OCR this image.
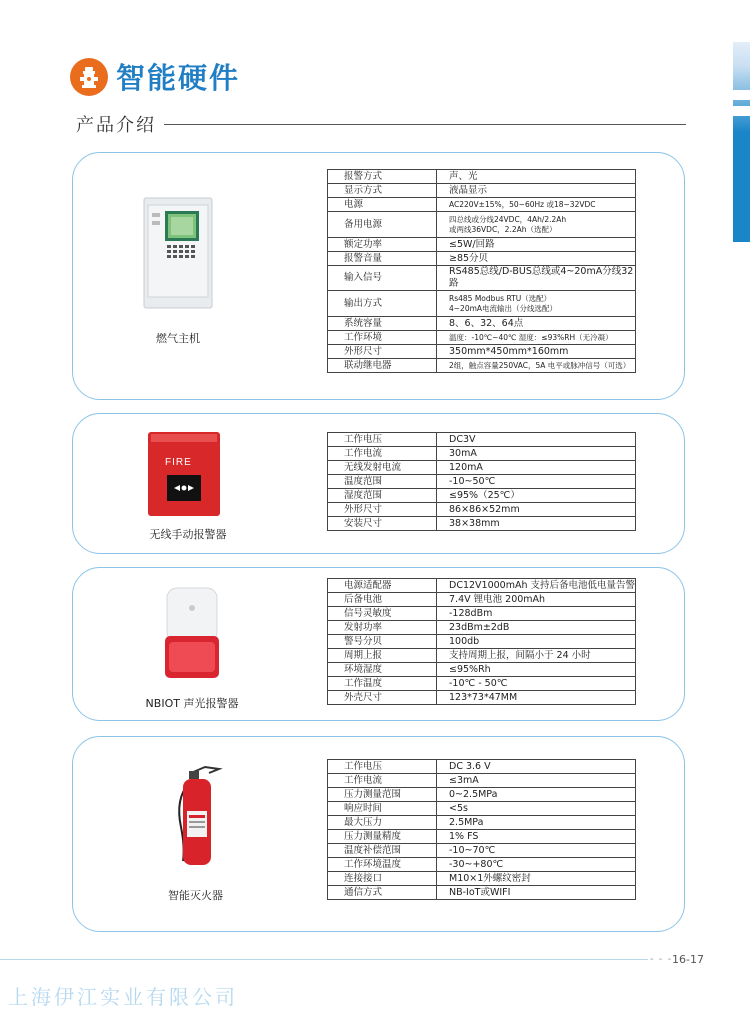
智能硬件
产品介绍
燃气主机
报警方式	声、光
显示方式	液晶显示
电源	AC220V±15%，50~60Hz 或18~32VDC
备用电源	四总线或分线24VDC，4Ah/2.2Ah
或两线36VDC，2.2Ah（选配）
额定功率	≤5W/回路
报警音量	≥85分贝
输入信号	RS485总线/D-BUS总线或4~20mA分线32路
输出方式	Rs485 Modbus RTU（选配）
4~20mA电流输出（分线选配）
系统容量	8、6、32、64点
工作环境	温度：-10℃~40℃ 湿度：≤93%RH（无冷凝）
外形尺寸	350mm*450mm*160mm
联动继电器	2组，触点容量250VAC，5A 电平或脉冲信号（可选）
FIRE
无线手动报警器
工作电压	DC3V
工作电流	30mA
无线发射电流	120mA
温度范围	-10~50℃
湿度范围	≤95%（25℃）
外形尺寸	86×86×52mm
安装尺寸	38×38mm
NBIOT 声光报警器
电源适配器	DC12V1000mAh 支持后备电池低电量告警
后备电池	7.4V 锂电池 200mAh
信号灵敏度	-128dBm
发射功率	23dBm±2dB
警号分贝	100db
周期上报	支持周期上报，间隔小于 24 小时
环境湿度	≤95%Rh
工作温度	-10℃ - 50℃
外壳尺寸	123*73*47MM
智能灭火器
工作电压	DC 3.6 V
工作电流	≤3mA
压力测量范围	0~2.5MPa
响应时间	<5s
最大压力	2.5MPa
压力测量精度	1% FS
温度补偿范围	-10~70℃
工作环境温度	-30~+80℃
连接接口	M10×1外螺纹密封
通信方式	NB-IoT或WIFI
- - - 16-17
上海伊江实业有限公司
